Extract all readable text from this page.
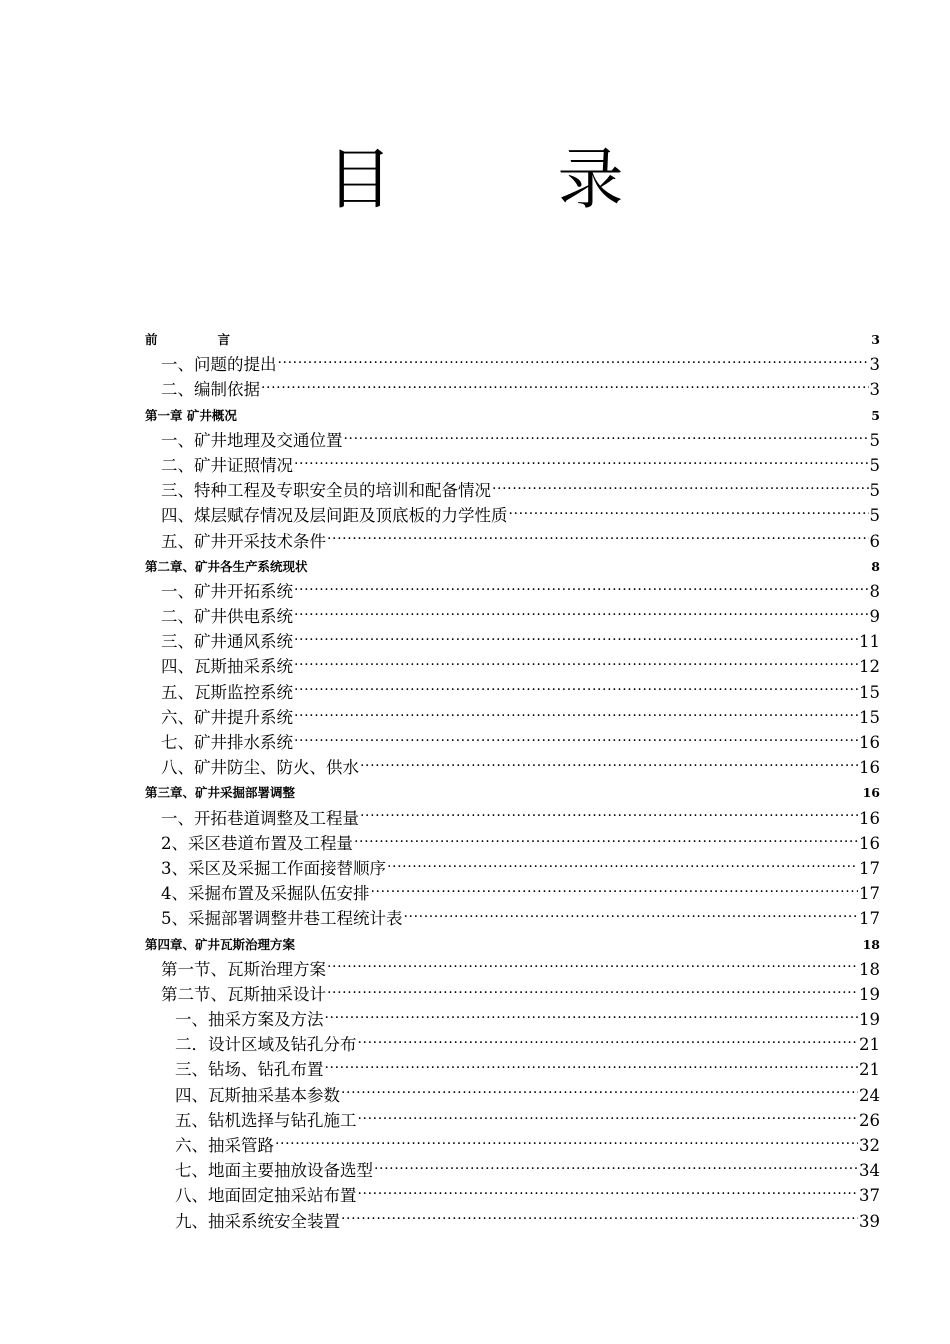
目	录
前	言 .....	3
一、问题的提出 .....	3
二、编制依据 .....	3
第一章 矿井概况 .....	5
一、矿井地理及交通位置 .....	5
二、矿井证照情况 .....	5
三、特种工程及专职安全员的培训和配备情况 .....	5
四、煤层赋存情况及层间距及顶底板的力学性质 .....	5
五、矿井开采技术条件 .....	6
第二章、矿井各生产系统现状 .....	8
一、矿井开拓系统 .....	8
二、矿井供电系统 .....	9
三、矿井通风系统 .....	11
四、瓦斯抽采系统 .....	12
五、瓦斯监控系统 .....	15
六、矿井提升系统 .....	15
七、矿井排水系统 .....	16
八、矿井防尘、防火、供水 .....	16
第三章、矿井采掘部署调整 .....	16
一、开拓巷道调整及工程量 .....	16
2、采区巷道布置及工程量 .....	16
3、采区及采掘工作面接替顺序 .....	17
4、采掘布置及采掘队伍安排 .....	17
5、采掘部署调整井巷工程统计表 .....	17
第四章、矿井瓦斯治理方案 .....	18
第一节、瓦斯治理方案 .....	18
第二节、瓦斯抽采设计 .....	19
一、抽采方案及方法 .....	19
二．设计区域及钻孔分布 .....	21
三、钻场、钻孔布置 .....	21
四、瓦斯抽采基本参数 .....	24
五、钻机选择与钻孔施工 .....	26
六、抽采管路 .....	32
七、地面主要抽放设备选型 .....	34
八、地面固定抽采站布置 .....	37
九、抽采系统安全装置 .....	39
